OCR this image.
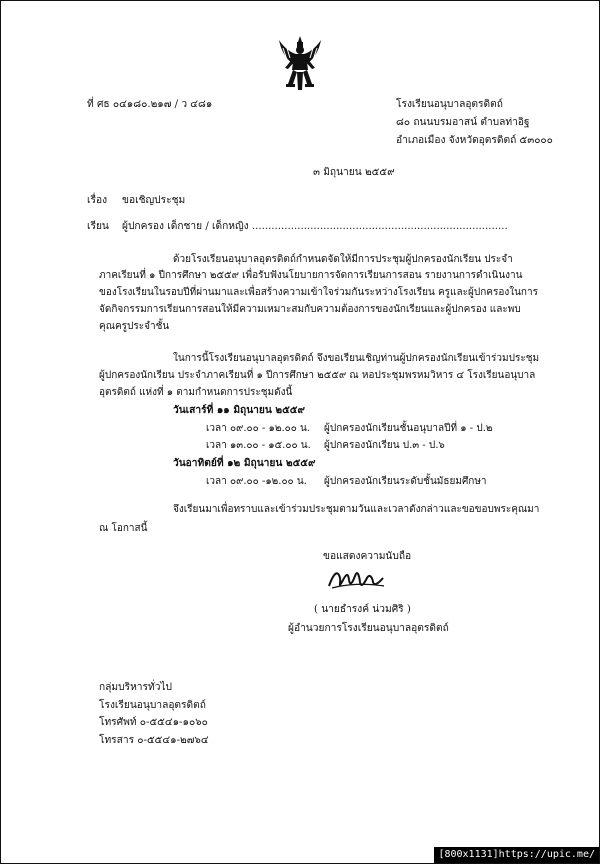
ที่ ศธ ๐๔๑๘๐.๒๑๗ / ว ๔๘๑	โรงเรียนอนุบาลอุตรดิตถ์
๘๐ ถนนบรมอาสน์ ตำบลท่าอิฐ
อำเภอเมือง จังหวัดอุตรดิตถ์ ๕๓๐๐๐
๓ มิถุนายน ๒๕๕๙
เรื่อง ขอเชิญประชุม
เรียน ผู้ปกครอง เด็กชาย / เด็กหญิง ...............................................................................
ด้วยโรงเรียนอนุบาลอุตรดิตถ์กำหนดจัดให้มีการประชุมผู้ปกครองนักเรียน ประจำ
ภาคเรียนที่ ๑ ปีการศึกษา ๒๕๕๙ เพื่อรับฟังนโยบายการจัดการเรียนการสอน รายงานการดำเนินงาน
ของโรงเรียนในรอบปีที่ผ่านมาและเพื่อสร้างความเข้าใจร่วมกันระหว่างโรงเรียน ครูและผู้ปกครองในการ
จัดกิจกรรมการเรียนการสอนให้มีความเหมาะสมกับความต้องการของนักเรียนและผู้ปกครอง และพบ
คุณครูประจำชั้น
ในการนี้โรงเรียนอนุบาลอุตรดิตถ์ จึงขอเรียนเชิญท่านผู้ปกครองนักเรียนเข้าร่วมประชุม
ผู้ปกครองนักเรียน ประจำภาคเรียนที่ ๑ ปีการศึกษา ๒๕๕๙ ณ หอประชุมพรหมวิหาร ๔ โรงเรียนอนุบาล
อุตรดิตถ์ แห่งที่ ๑ ตามกำหนดการประชุมดังนี้
วันเสาร์ที่ ๑๑ มิถุนายน ๒๕๕๙
เวลา ๐๙.๐๐ - ๑๒.๐๐ น. ผู้ปกครองนักเรียนชั้นอนุบาลปีที่ ๑ - ป.๒
เวลา ๑๓.๐๐ - ๑๕.๐๐ น. ผู้ปกครองนักเรียน ป.๓ - ป.๖
วันอาทิตย์ที่ ๑๒ มิถุนายน ๒๕๕๙
เวลา ๐๙.๐๐ -๑๒.๐๐ น. ผู้ปกครองนักเรียนระดับชั้นมัธยมศึกษา
จึงเรียนมาเพื่อทราบและเข้าร่วมประชุมตามวันและเวลาดังกล่าวและขอขอบพระคุณมา
ณ โอกาสนี้
ขอแสดงความนับถือ
( นายธำรงค์ น่วมศิริ )
ผู้อำนวยการโรงเรียนอนุบาลอุตรดิตถ์
กลุ่มบริหารทั่วไป
โรงเรียนอนุบาลอุตรดิตถ์
โทรศัพท์ ๐-๕๕๔๑-๑๐๖๐
โทรสาร ๐-๕๕๔๑-๒๗๖๔
[800x1131]https://upic.me/
